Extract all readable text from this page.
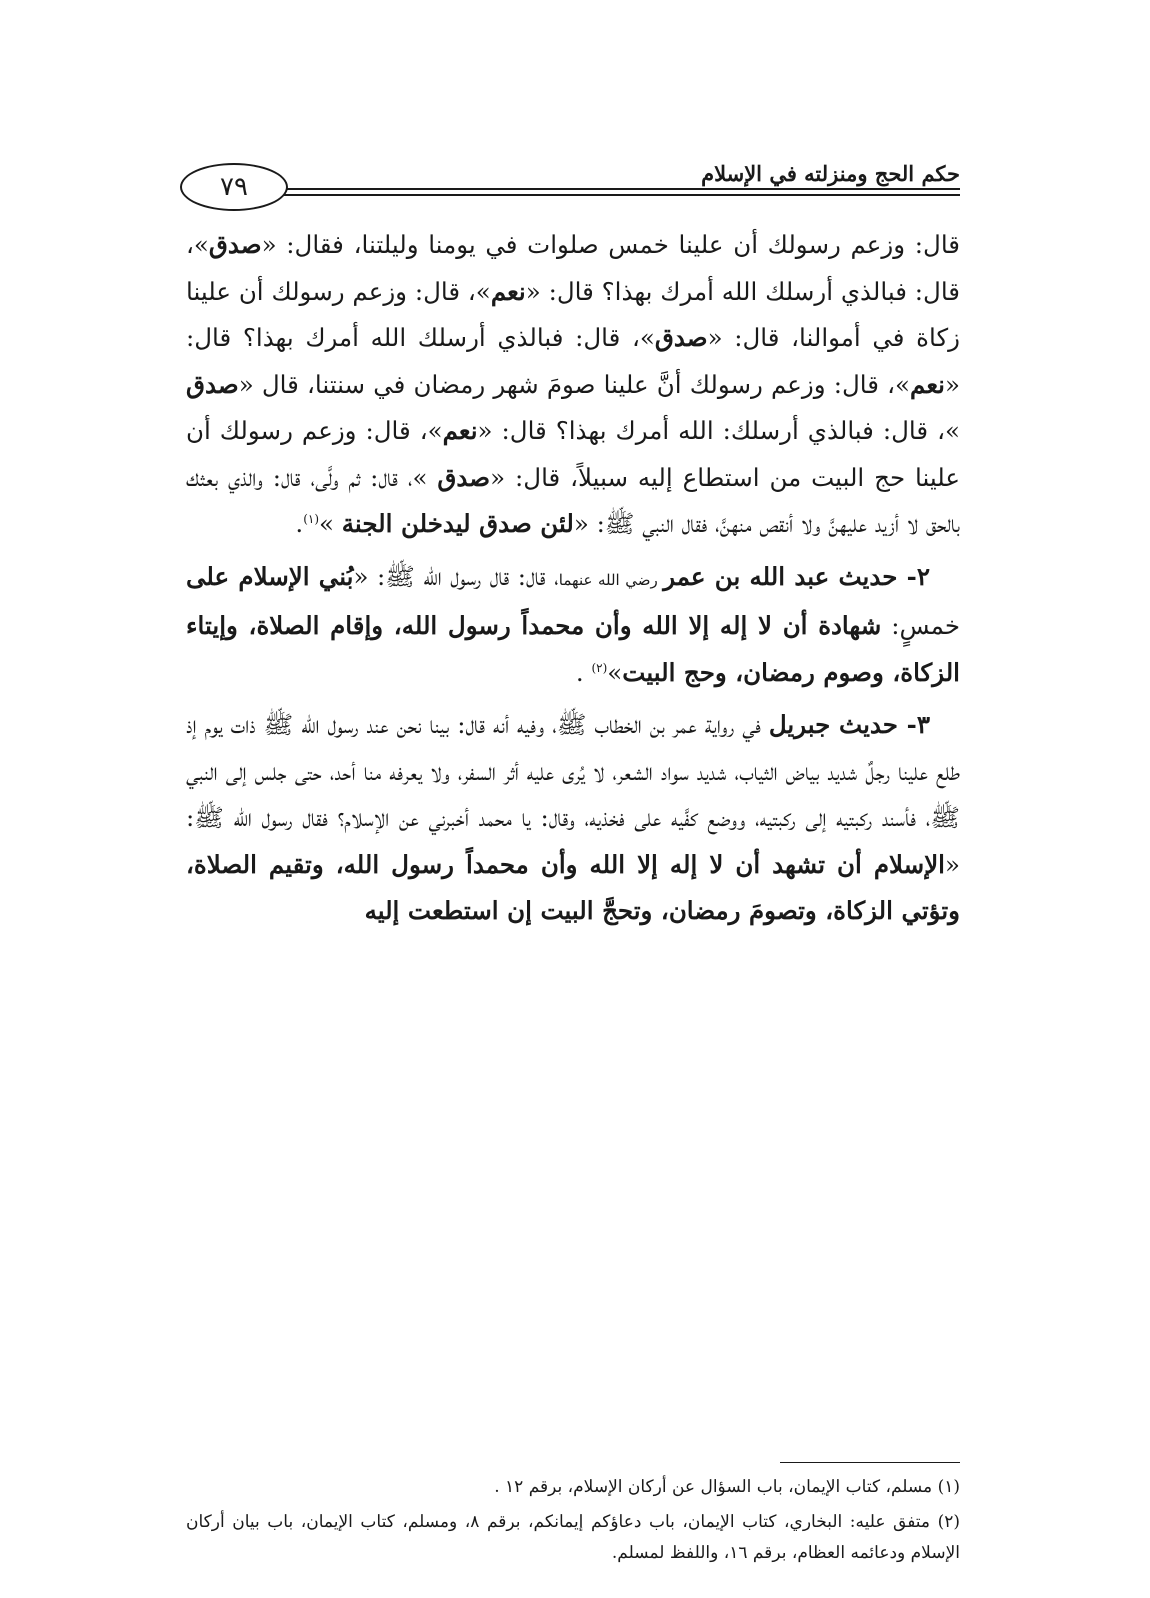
حكم الحج ومنزلته في الإسلام
٧٩

قال: وزعم رسولك أن علينا خمس صلوات في يومنا وليلتنا، فقال: «صدق»، قال: فبالذي أرسلك الله أمرك بهذا؟ قال: «نعم»، قال: وزعم رسولك أن علينا زكاة في أموالنا، قال: «صدق»، قال: فبالذي أرسلك الله أمرك بهذا؟ قال: «نعم»، قال: وزعم رسولك أنَّ علينا صومَ شهر رمضان في سنتنا، قال «صدق »، قال: فبالذي أرسلك: الله أمرك بهذا؟ قال: «نعم»، قال: وزعم رسولك أن علينا حج البيت من استطاع إليه سبيلاً، قال: «صدق »، قال: ثم ولَّى، قال: والذي بعثك بالحق لا أزيد عليهنَّ ولا أنقص منهنَّ، فقال النبي ﷺ: «لئن صدق ليدخلن الجنة »$^{(١)}$.

٢- حديث عبد الله بن عمر رضي الله عنهما، قال: قال رسول الله ﷺ: «بُني الإسلام على خمسٍ: شهادة أن لا إله إلا الله وأن محمداً رسول الله، وإقام الصلاة، وإيتاء الزكاة، وصوم رمضان، وحج البيت»$^{(٢)}$ .

٣- حديث جبريل في رواية عمر بن الخطاب ﷺ، وفيه أنه قال: بينا نحن عند رسول الله ﷺ ذات يوم إذ طلع علينا رجلٌ شديد بياض الثياب، شديد سواد الشعر، لا يُرى عليه أثر السفر، ولا يعرفه منا أحد، حتى جلس إلى النبي ﷺ، فأسند ركبتيه إلى ركبتيه، ووضع كفَّيه على فخذيه، وقال: يا محمد أخبرني عن الإسلام؟ فقال رسول الله ﷺ: «الإسلام أن تشهد أن لا إله إلا الله وأن محمداً رسول الله، وتقيم الصلاة، وتؤتي الزكاة، وتصومَ رمضان، وتحجَّ البيت إن استطعت إليه

(١) مسلم، كتاب الإيمان، باب السؤال عن أركان الإسلام، برقم ١٢ .

(٢) متفق عليه: البخاري، كتاب الإيمان، باب دعاؤكم إيمانكم، برقم ٨، ومسلم، كتاب الإيمان، باب بيان أركان الإسلام ودعائمه العظام، برقم ١٦، واللفظ لمسلم.
